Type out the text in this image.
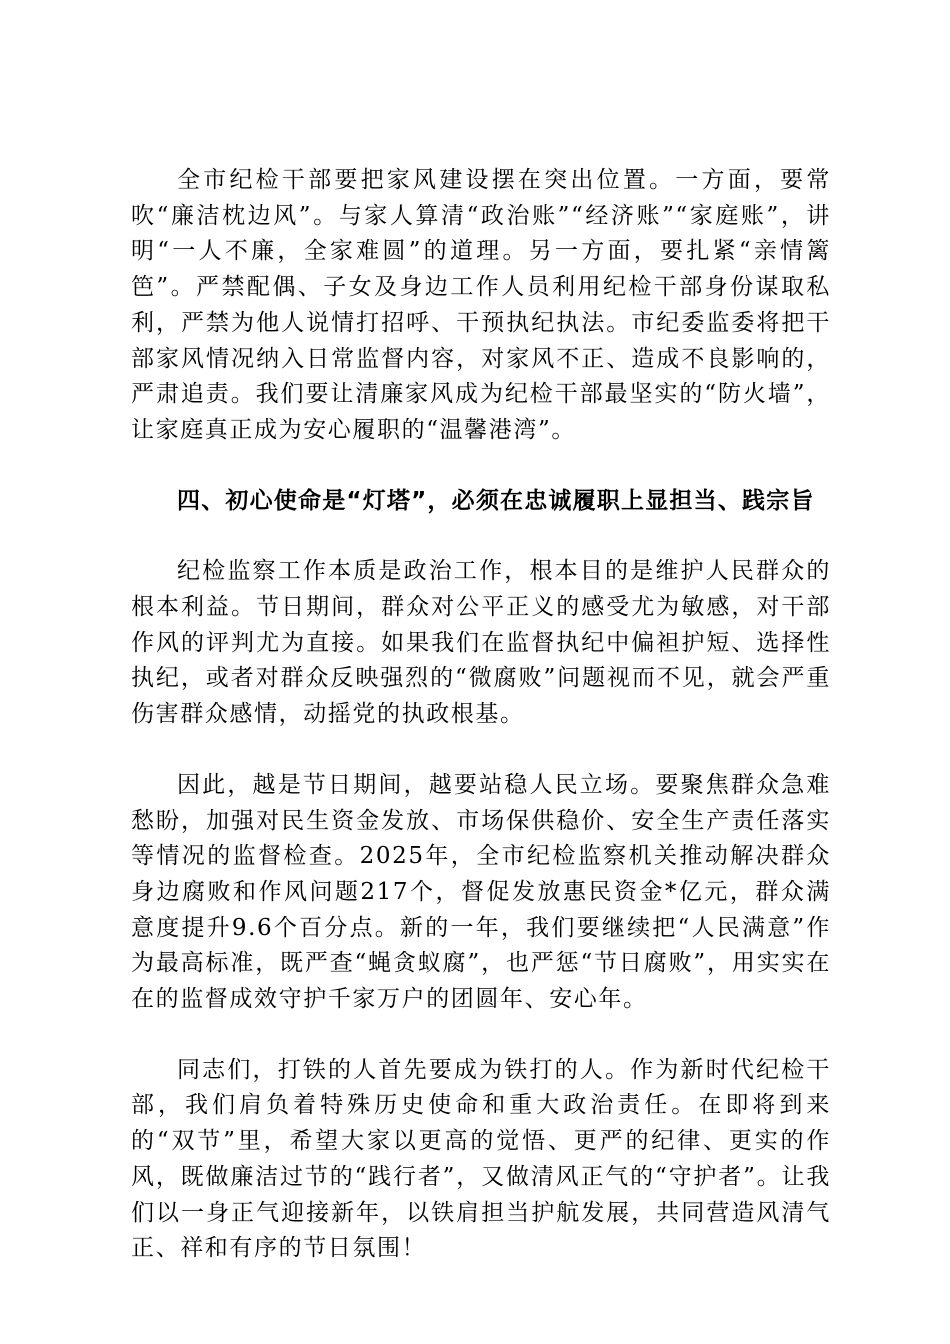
全市纪检干部要把家风建设摆在突出位置。一方面，要常吹“廉洁枕边风”。与家人算清“政治账”“经济账”“家庭账”，讲明“一人不廉，全家难圆”的道理。另一方面，要扎紧“亲情篱笆”。严禁配偶、子女及身边工作人员利用纪检干部身份谋取私利，严禁为他人说情打招呼、干预执纪执法。市纪委监委将把干部家风情况纳入日常监督内容，对家风不正、造成不良影响的，严肃追责。我们要让清廉家风成为纪检干部最坚实的“防火墙”，让家庭真正成为安心履职的“温馨港湾”。

四、初心使命是“灯塔”，必须在忠诚履职上显担当、践宗旨

纪检监察工作本质是政治工作，根本目的是维护人民群众的根本利益。节日期间，群众对公平正义的感受尤为敏感，对干部作风的评判尤为直接。如果我们在监督执纪中偏袒护短、选择性执纪，或者对群众反映强烈的“微腐败”问题视而不见，就会严重伤害群众感情，动摇党的执政根基。

因此，越是节日期间，越要站稳人民立场。要聚焦群众急难愁盼，加强对民生资金发放、市场保供稳价、安全生产责任落实等情况的监督检查。2025年，全市纪检监察机关推动解决群众身边腐败和作风问题217个，督促发放惠民资金*亿元，群众满意度提升9.6个百分点。新的一年，我们要继续把“人民满意”作为最高标准，既严查“蝇贪蚁腐”，也严惩“节日腐败”，用实实在在的监督成效守护千家万户的团圆年、安心年。

同志们，打铁的人首先要成为铁打的人。作为新时代纪检干部，我们肩负着特殊历史使命和重大政治责任。在即将到来的“双节”里，希望大家以更高的觉悟、更严的纪律、更实的作风，既做廉洁过节的“践行者”，又做清风正气的“守护者”。让我们以一身正气迎接新年，以铁肩担当护航发展，共同营造风清气正、祥和有序的节日氛围！
